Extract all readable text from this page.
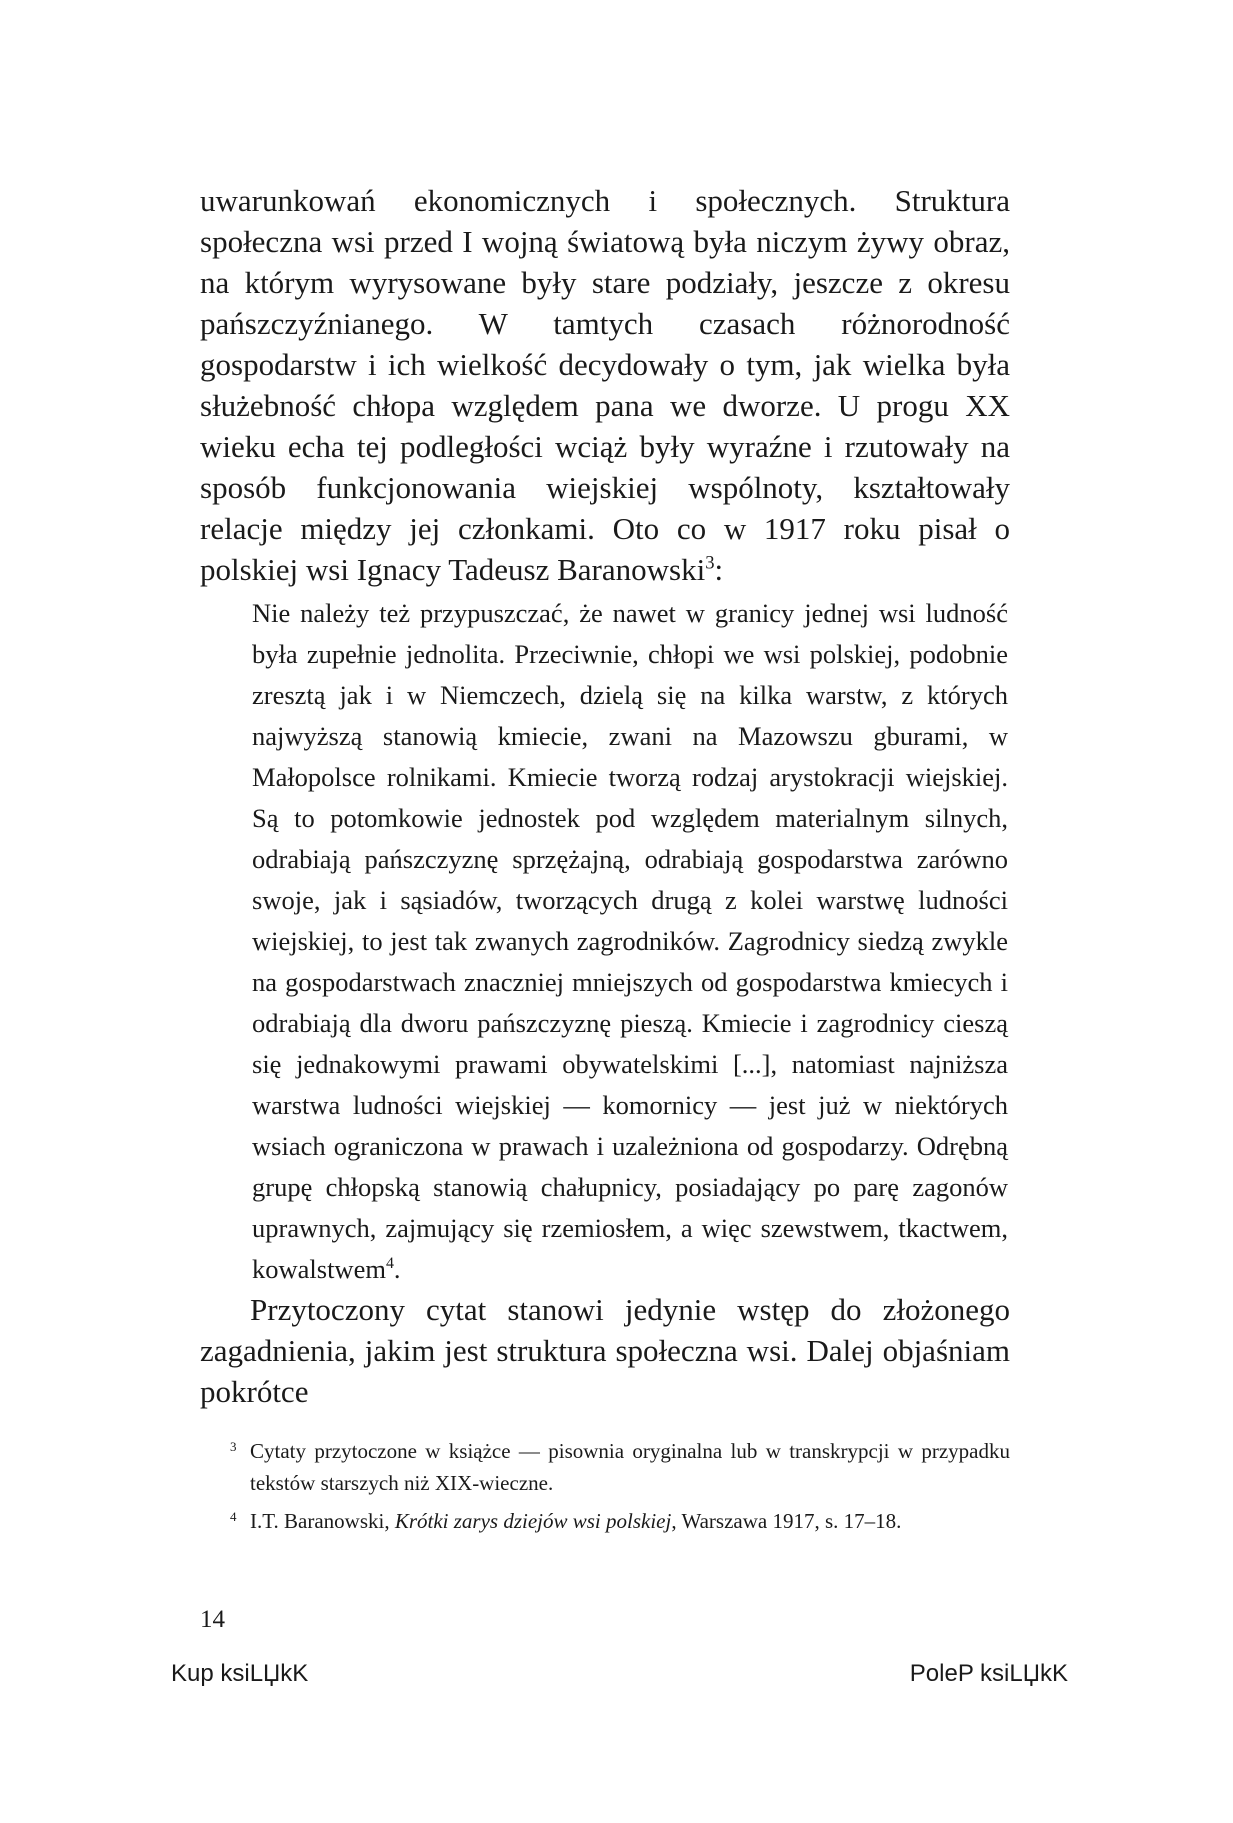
uwarunkowań ekonomicznych i społecznych. Struktura społeczna wsi przed I wojną światową była niczym żywy obraz, na którym wyrysowane były stare podziały, jeszcze z okresu pańszczyźnianego. W tamtych czasach różnorodność gospodarstw i ich wielkość decydowały o tym, jak wielka była służebność chłopa względem pana we dworze. U progu XX wieku echa tej podległości wciąż były wyraźne i rzutowały na sposób funkcjonowania wiejskiej wspólnoty, kształtowały relacje między jej członkami. Oto co w 1917 roku pisał o polskiej wsi Ignacy Tadeusz Baranowski$^3$:

Nie należy też przypuszczać, że nawet w granicy jednej wsi ludność była zupełnie jednolita. Przeciwnie, chłopi we wsi polskiej, podobnie zresztą jak i w Niemczech, dzielą się na kilka warstw, z których najwyższą stanowią kmiecie, zwani na Mazowszu gburami, w Małopolsce rolnikami. Kmiecie tworzą rodzaj arystokracji wiejskiej. Są to potomkowie jednostek pod względem materialnym silnych, odrabiają pańszczyznę sprzężajną, odrabiają gospodarstwa zarówno swoje, jak i sąsiadów, tworzących drugą z kolei warstwę ludności wiejskiej, to jest tak zwanych zagrodników. Zagrodnicy siedzą zwykle na gospodarstwach znaczniej mniejszych od gospodarstwa kmiecych i odrabiają dla dworu pańszczyznę pieszą. Kmiecie i zagrodnicy cieszą się jednakowymi prawami obywatelskimi [...], natomiast najniższa warstwa ludności wiejskiej — komornicy — jest już w niektórych wsiach ograniczona w prawach i uzależniona od gospodarzy. Odrębną grupę chłopską stanowią chałupnicy, posiadający po parę zagonów uprawnych, zajmujący się rzemiosłem, a więc szewstwem, tkactwem, kowalstwem$^4$.

Przytoczony cytat stanowi jedynie wstęp do złożonego zagadnienia, jakim jest struktura społeczna wsi. Dalej objaśniam pokrótce

3 Cytaty przytoczone w książce — pisownia oryginalna lub w transkrypcji w przypadku tekstów starszych niż XIX-wieczne.

4 I.T. Baranowski, Krótki zarys dziejów wsi polskiej, Warszawa 1917, s. 17–18.

14
Kup ksiLЏkK	PoleP ksiLЏkK
